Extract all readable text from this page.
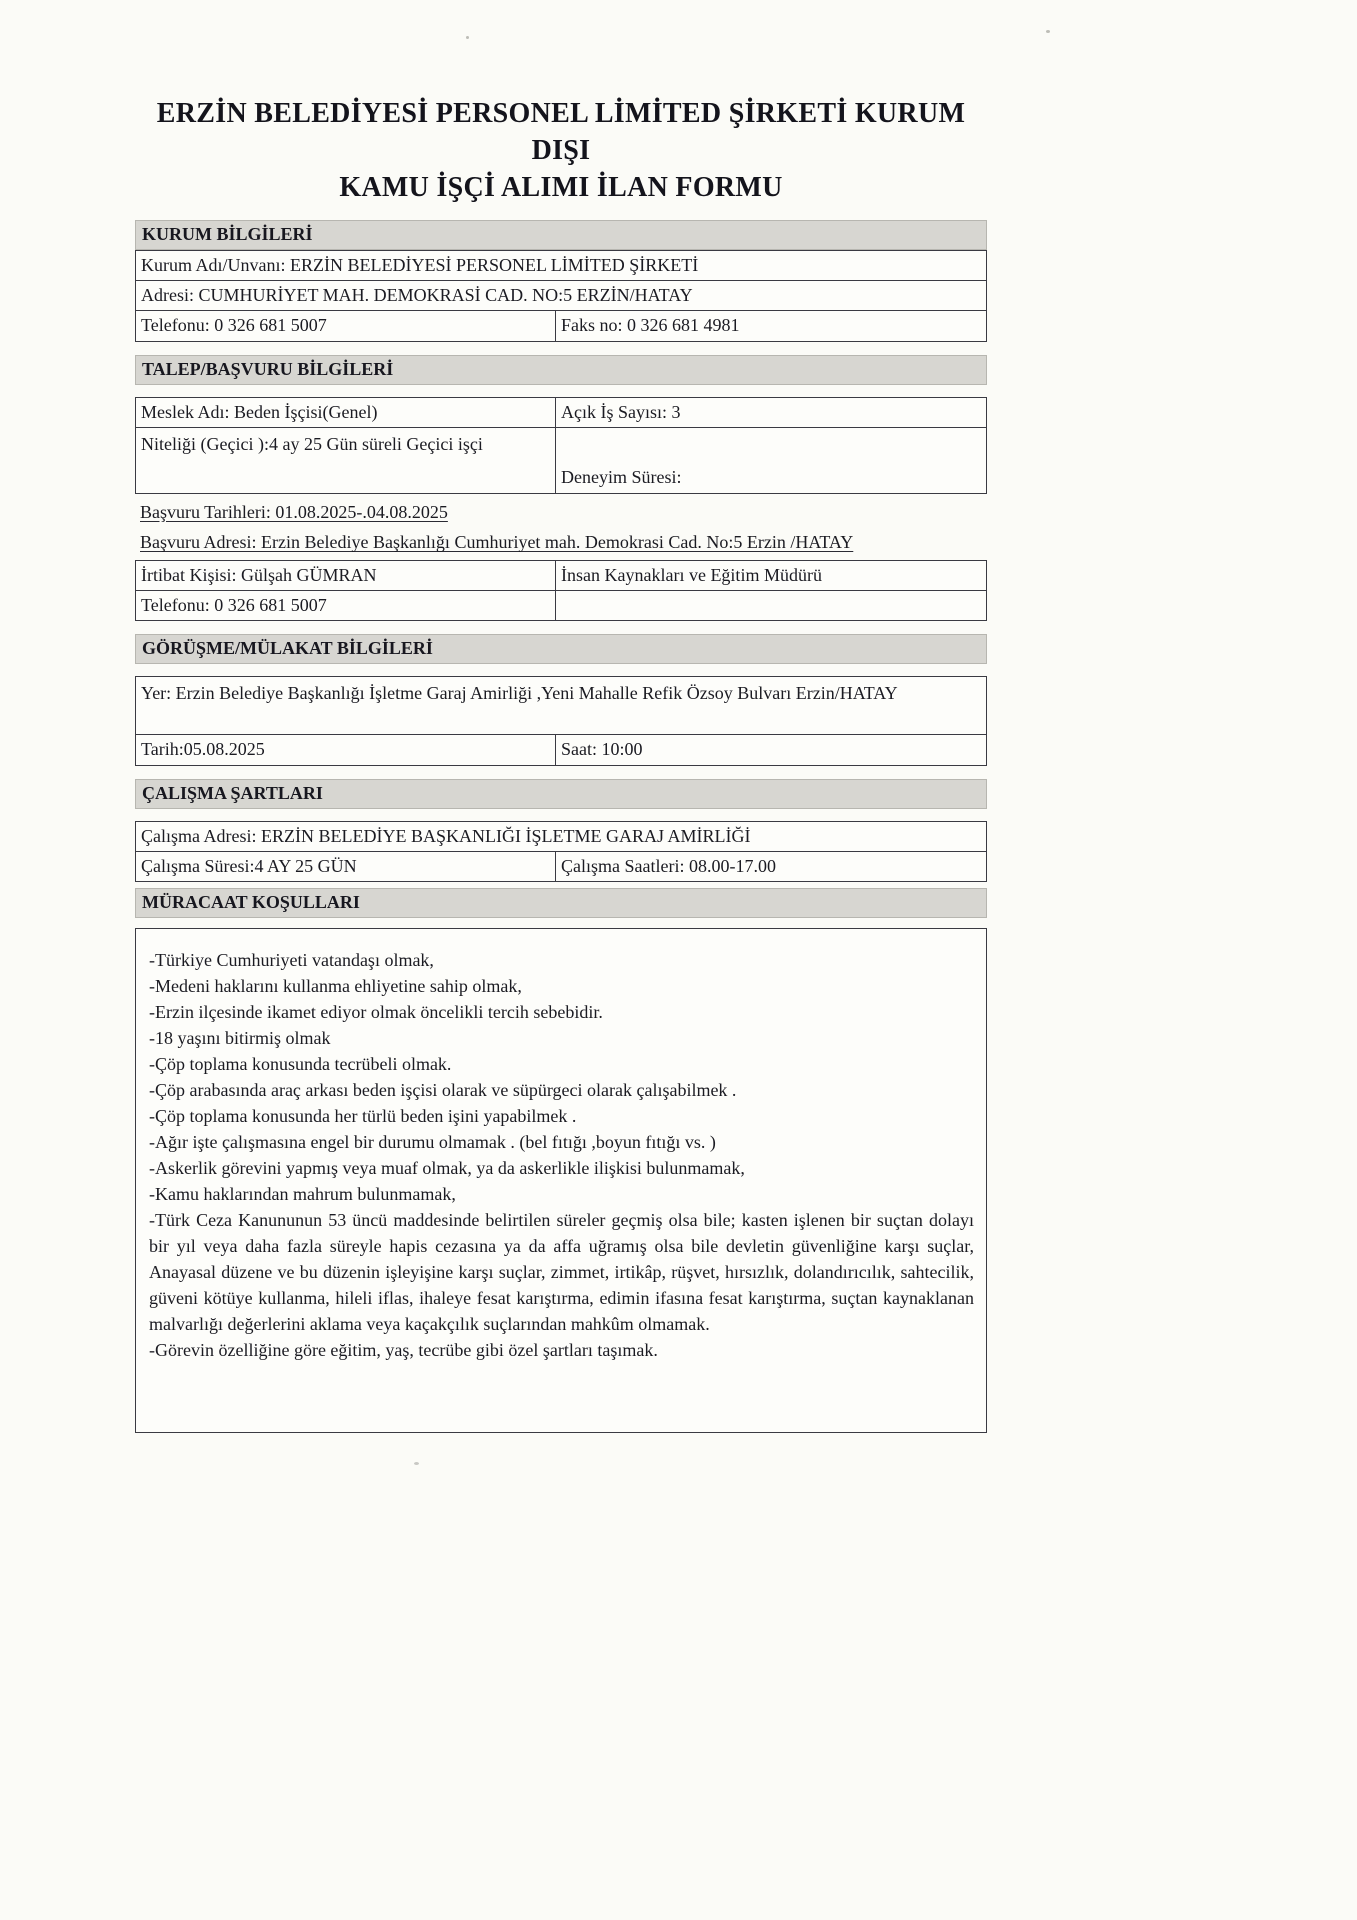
ERZİN BELEDİYESİ PERSONEL LİMİTED ŞİRKETİ KURUM DIŞI
KAMU İŞÇİ ALIMI İLAN FORMU
KURUM BİLGİLERİ
Kurum Adı/Unvanı: ERZİN BELEDİYESİ PERSONEL LİMİTED ŞİRKETİ
Adresi: CUMHURİYET MAH. DEMOKRASİ CAD. NO:5 ERZİN/HATAY
Telefonu: 0 326 681 5007	Faks no: 0 326 681 4981
TALEP/BAŞVURU BİLGİLERİ
Meslek Adı: Beden İşçisi(Genel)	Açık İş Sayısı: 3
Niteliği (Geçici ):4 ay 25 Gün süreli Geçici işçi
Deneyim Süresi:
Başvuru Tarihleri: 01.08.2025-.04.08.2025
Başvuru Adresi: Erzin Belediye Başkanlığı Cumhuriyet mah. Demokrasi Cad. No:5 Erzin /HATAY
İrtibat Kişisi: Gülşah GÜMRAN	İnsan Kaynakları ve Eğitim Müdürü
Telefonu: 0 326 681 5007
GÖRÜŞME/MÜLAKAT BİLGİLERİ
Yer: Erzin Belediye Başkanlığı İşletme Garaj Amirliği ,Yeni Mahalle Refik Özsoy Bulvarı Erzin/HATAY
Tarih:05.08.2025	Saat: 10:00
ÇALIŞMA ŞARTLARI
Çalışma Adresi: ERZİN BELEDİYE BAŞKANLIĞI İŞLETME GARAJ AMİRLİĞİ
Çalışma Süresi:4 AY 25 GÜN	Çalışma Saatleri: 08.00-17.00
MÜRACAAT KOŞULLARI
-Türkiye Cumhuriyeti vatandaşı olmak,
-Medeni haklarını kullanma ehliyetine sahip olmak,
-Erzin ilçesinde ikamet ediyor olmak öncelikli tercih sebebidir.
-18 yaşını bitirmiş olmak
-Çöp toplama konusunda tecrübeli olmak.
-Çöp arabasında araç arkası beden işçisi olarak ve süpürgeci olarak çalışabilmek .
-Çöp toplama konusunda her türlü beden işini yapabilmek .
-Ağır işte çalışmasına engel bir durumu olmamak . (bel fıtığı ,boyun fıtığı vs. )
-Askerlik görevini yapmış veya muaf olmak, ya da askerlikle ilişkisi bulunmamak,
-Kamu haklarından mahrum bulunmamak,
-Türk Ceza Kanununun 53 üncü maddesinde belirtilen süreler geçmiş olsa bile; kasten işlenen bir suçtan dolayı bir yıl veya daha fazla süreyle hapis cezasına ya da affa uğramış olsa bile devletin güvenliğine karşı suçlar, Anayasal düzene ve bu düzenin işleyişine karşı suçlar, zimmet, irtikâp, rüşvet, hırsızlık, dolandırıcılık, sahtecilik, güveni kötüye kullanma, hileli iflas, ihaleye fesat karıştırma, edimin ifasına fesat karıştırma, suçtan kaynaklanan malvarlığı değerlerini aklama veya kaçakçılık suçlarından mahkûm olmamak.
-Görevin özelliğine göre eğitim, yaş, tecrübe gibi özel şartları taşımak.
